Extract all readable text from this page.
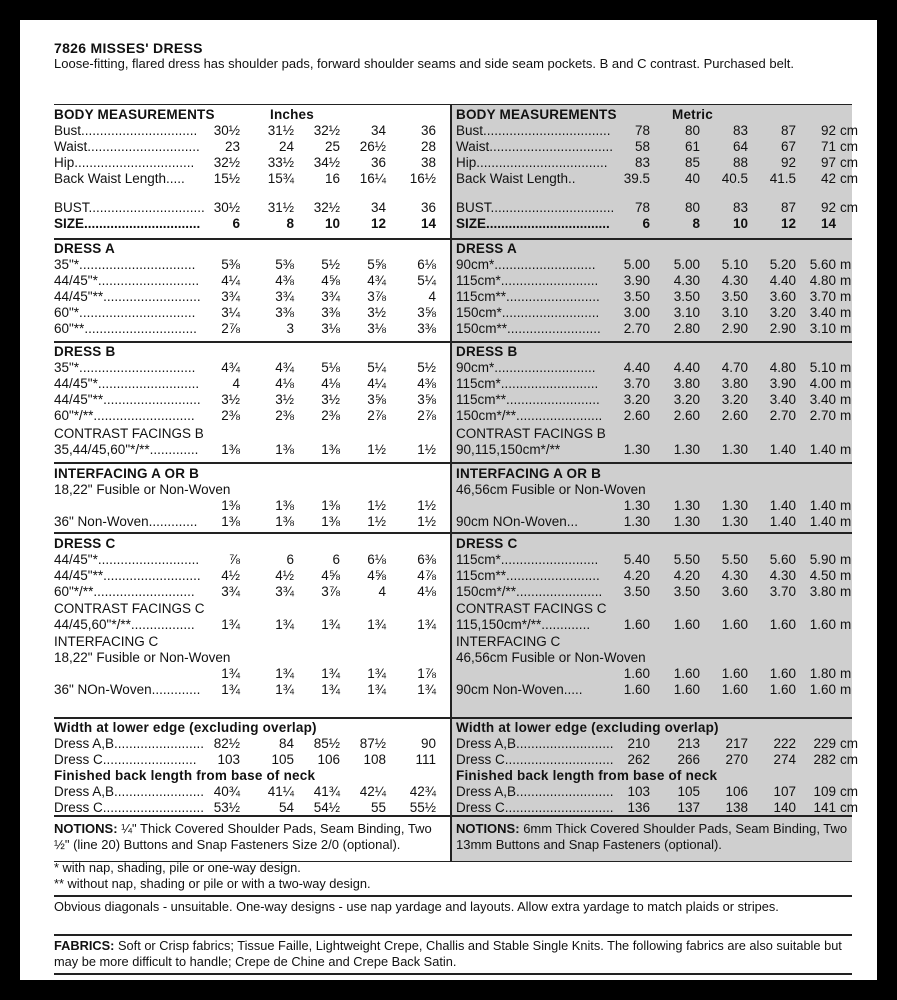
7826 MISSES' DRESS
Loose-fitting, flared dress has shoulder pads, forward shoulder seams and side seam pockets. B and C contrast. Purchased belt.
BODY MEASUREMENTS	Inches
Bust...............................	30½	31½	32½	34	36
Waist..............................	23	24	25	26½	28
Hip................................	32½	33½	34½	36	38
Back Waist Length.....	15½	15¾	16	16¼	16½
BUST............................... 30½	31½	32½	34	36
SIZE...............................	6	8	10	12	14
BODY MEASUREMENTS	Metric
Bust..................................	78	80	83	87	92 cm
Waist.................................	58	61	64	67	71 cm
Hip...................................	83	85	88	92	97 cm
Back Waist Length..	39.5	40	40.5	41.5	42 cm
BUST.................................	78	80	83	87	92 cm
SIZE.................................	6	8	10	12	14
DRESS A
35"*...............................	5⅜	5⅜	5½	5⅝	6⅛
44/45"*...........................	4¼	4⅜	4⅝	4¾	5¼
44/45"**..........................	3¾	3¾	3¾	3⅞	4
60"*...............................	3¼	3⅜	3⅜	3½	3⅝
60"**..............................	2⅞	3	3⅛	3⅛	3⅜
DRESS A
90cm*...........................	5.00	5.00	5.10	5.20	5.60 m
115cm*..........................	3.90	4.30	4.30	4.40	4.80 m
115cm**.........................	3.50	3.50	3.50	3.60	3.70 m
150cm*..........................	3.00	3.10	3.10	3.20	3.40 m
150cm**.........................	2.70	2.80	2.90	2.90	3.10 m
DRESS B
35"*...............................	4¾	4¾	5⅛	5¼	5½
44/45"*...........................	4	4⅛	4⅛	4¼	4⅜
44/45"**..........................	3½	3½	3½	3⅝	3⅝
60"*/**...........................	2⅜	2⅜	2⅜	2⅞	2⅞
CONTRAST FACINGS B
35,44/45,60"*/**.............	1⅜	1⅜	1⅜	1½	1½
DRESS B
90cm*...........................	4.40	4.40	4.70	4.80	5.10 m
115cm*..........................	3.70	3.80	3.80	3.90	4.00 m
115cm**.........................	3.20	3.20	3.20	3.40	3.40 m
150cm*/**.......................	2.60	2.60	2.60	2.70	2.70 m
CONTRAST FACINGS B
90,115,150cm*/**	1.30	1.30	1.30	1.40	1.40 m
INTERFACING A OR B
18,22" Fusible or Non-Woven
1⅜	1⅜	1⅜	1½	1½
36" Non-Woven.............	1⅜	1⅜	1⅜	1½	1½
INTERFACING A OR B
46,56cm Fusible or Non-Woven
1.30	1.30	1.30	1.40	1.40 m
90cm NOn-Woven...	1.30	1.30	1.30	1.40	1.40 m
DRESS C
44/45"*...........................	⅞	6	6	6⅛	6⅜
44/45"**..........................	4½	4½	4⅝	4⅝	4⅞
60"*/**...........................	3¾	3¾	3⅞	4	4⅛
CONTRAST FACINGS C
44/45,60"*/**.................	1¾	1¾	1¾	1¾	1¾
INTERFACING C
18,22" Fusible or Non-Woven
1¾	1¾	1¾	1¾	1⅞
36" NOn-Woven.............	1¾	1¾	1¾	1¾	1¾
DRESS C
115cm*..........................	5.40	5.50	5.50	5.60	5.90 m
115cm**.........................	4.20	4.20	4.30	4.30	4.50 m
150cm*/**.......................	3.50	3.50	3.60	3.70	3.80 m
CONTRAST FACINGS C
115,150cm*/**.............	1.60	1.60	1.60	1.60	1.60 m
INTERFACING C
46,56cm Fusible or Non-Woven
1.60	1.60	1.60	1.60	1.80 m
90cm Non-Woven.....	1.60	1.60	1.60	1.60	1.60 m
Width at lower edge (excluding overlap)
Dress A,B........................ 82½	84	85½	87½	90
Dress C.........................	103	105	106	108	111
Finished back length from base of neck
Dress A,B........................ 40¾	41¼	41¾	42¼	42¾
Dress C........................... 53½	54	54½	55	55½
Width at lower edge (excluding overlap)
Dress A,B..........................	210	213	217	222	229 cm
Dress C.............................	262	266	270	274	282 cm
Finished back length from base of neck
Dress A,B..........................	103	105	106	107	109 cm
Dress C.............................	136	137	138	140	141 cm
NOTIONS: ¼" Thick Covered Shoulder Pads, Seam Binding, Two ½" (line 20) Buttons and Snap Fasteners Size 2/0 (optional).
NOTIONS: 6mm Thick Covered Shoulder Pads, Seam Binding, Two 13mm Buttons and Snap Fasteners (optional).
* with nap, shading, pile or one-way design.
** without nap, shading or pile or with a two-way design.
Obvious diagonals - unsuitable. One-way designs - use nap yardage and layouts. Allow extra yardage to match plaids or stripes.
FABRICS: Soft or Crisp fabrics; Tissue Faille, Lightweight Crepe, Challis and Stable Single Knits. The following fabrics are also suitable but may be more difficult to handle; Crepe de Chine and Crepe Back Satin.
